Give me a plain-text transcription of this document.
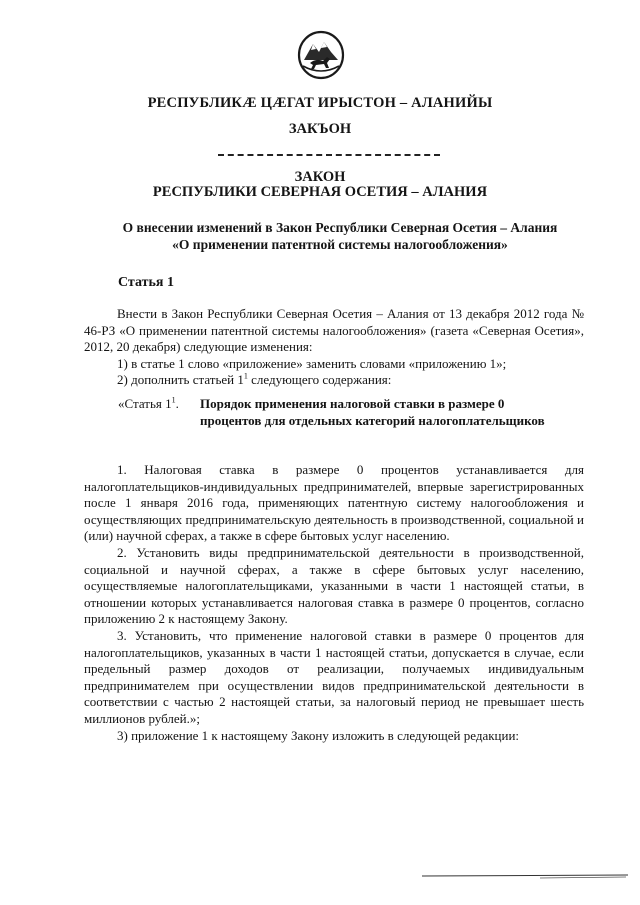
РЕСПУБЛИКӔ ЦӔГАТ ИРЫСТОН – АЛАНИЙЫ
ЗАКЪОН
ЗАКОН
РЕСПУБЛИКИ СЕВЕРНАЯ ОСЕТИЯ – АЛАНИЯ
О внесении изменений в Закон Республики Северная Осетия – Алания
«О применении патентной системы налогообложения»
Статья 1

Внести в Закон Республики Северная Осетия – Алания от 13 декабря 2012 года № 46-РЗ «О применении патентной системы налогообложения» (газета «Северная Осетия», 2012, 20 декабря) следующие изменения:

1) в статье 1 слово «приложение» заменить словами «приложению 1»;

2) дополнить статьей $1^1$ следующего содержания:

«Статья $1^1$.	Порядок применения налоговой ставки в размере 0
процентов для отдельных категорий налогоплательщиков

1. Налоговая ставка в размере 0 процентов устанавливается для налогоплательщиков-индивидуальных предпринимателей, впервые зарегистрированных после 1 января 2016 года, применяющих патентную систему налогообложения и осуществляющих предпринимательскую деятельность в производственной, социальной и (или) научной сферах, а также в сфере бытовых услуг населению.

2. Установить виды предпринимательской деятельности в производственной, социальной и научной сферах, а также в сфере бытовых услуг населению, осуществляемые налогоплательщиками, указанными в части 1 настоящей статьи, в отношении которых устанавливается налоговая ставка в размере 0 процентов, согласно приложению 2 к настоящему Закону.

3. Установить, что применение налоговой ставки в размере 0 процентов для налогоплательщиков, указанных в части 1 настоящей статьи, допускается в случае, если предельный размер доходов от реализации, получаемых индивидуальным предпринимателем при осуществлении видов предпринимательской деятельности в соответствии с частью 2 настоящей статьи, за налоговый период не превышает шесть миллионов рублей.»;

3) приложение 1 к настоящему Закону изложить в следующей редакции:
